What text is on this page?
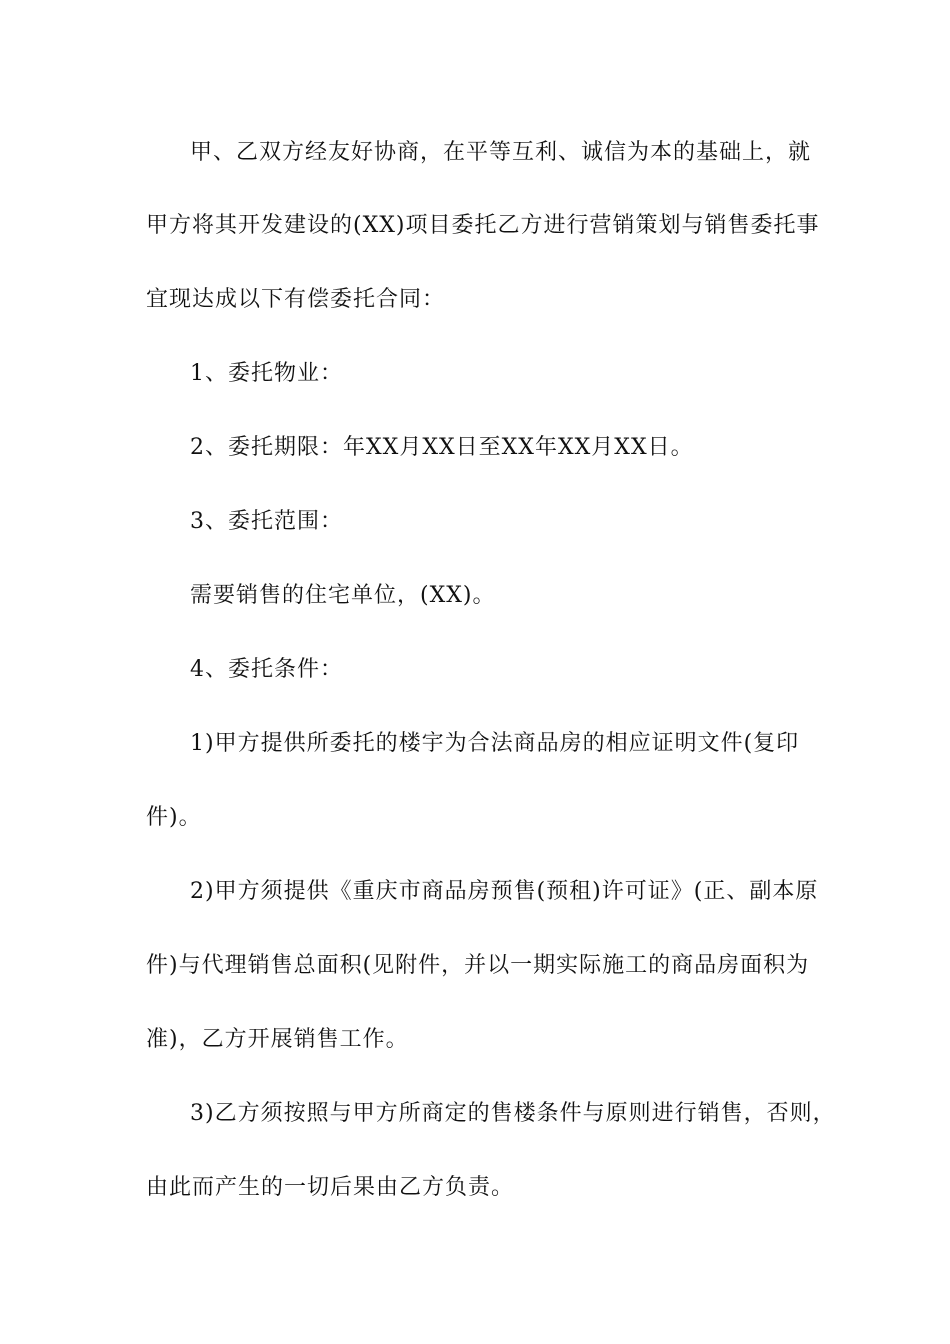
甲、乙双方经友好协商，在平等互利、诚信为本的基础上，就
甲方将其开发建设的(XX)项目委托乙方进行营销策划与销售委托事
宜现达成以下有偿委托合同：
1、委托物业：
2、委托期限：年XX月XX日至XX年XX月XX日。
3、委托范围：
需要销售的住宅单位，(XX)。
4、委托条件：
1)甲方提供所委托的楼宇为合法商品房的相应证明文件(复印
件)。
2)甲方须提供《重庆市商品房预售(预租)许可证》(正、副本原
件)与代理销售总面积(见附件，并以一期实际施工的商品房面积为
准)，乙方开展销售工作。
3)乙方须按照与甲方所商定的售楼条件与原则进行销售，否则，
由此而产生的一切后果由乙方负责。
